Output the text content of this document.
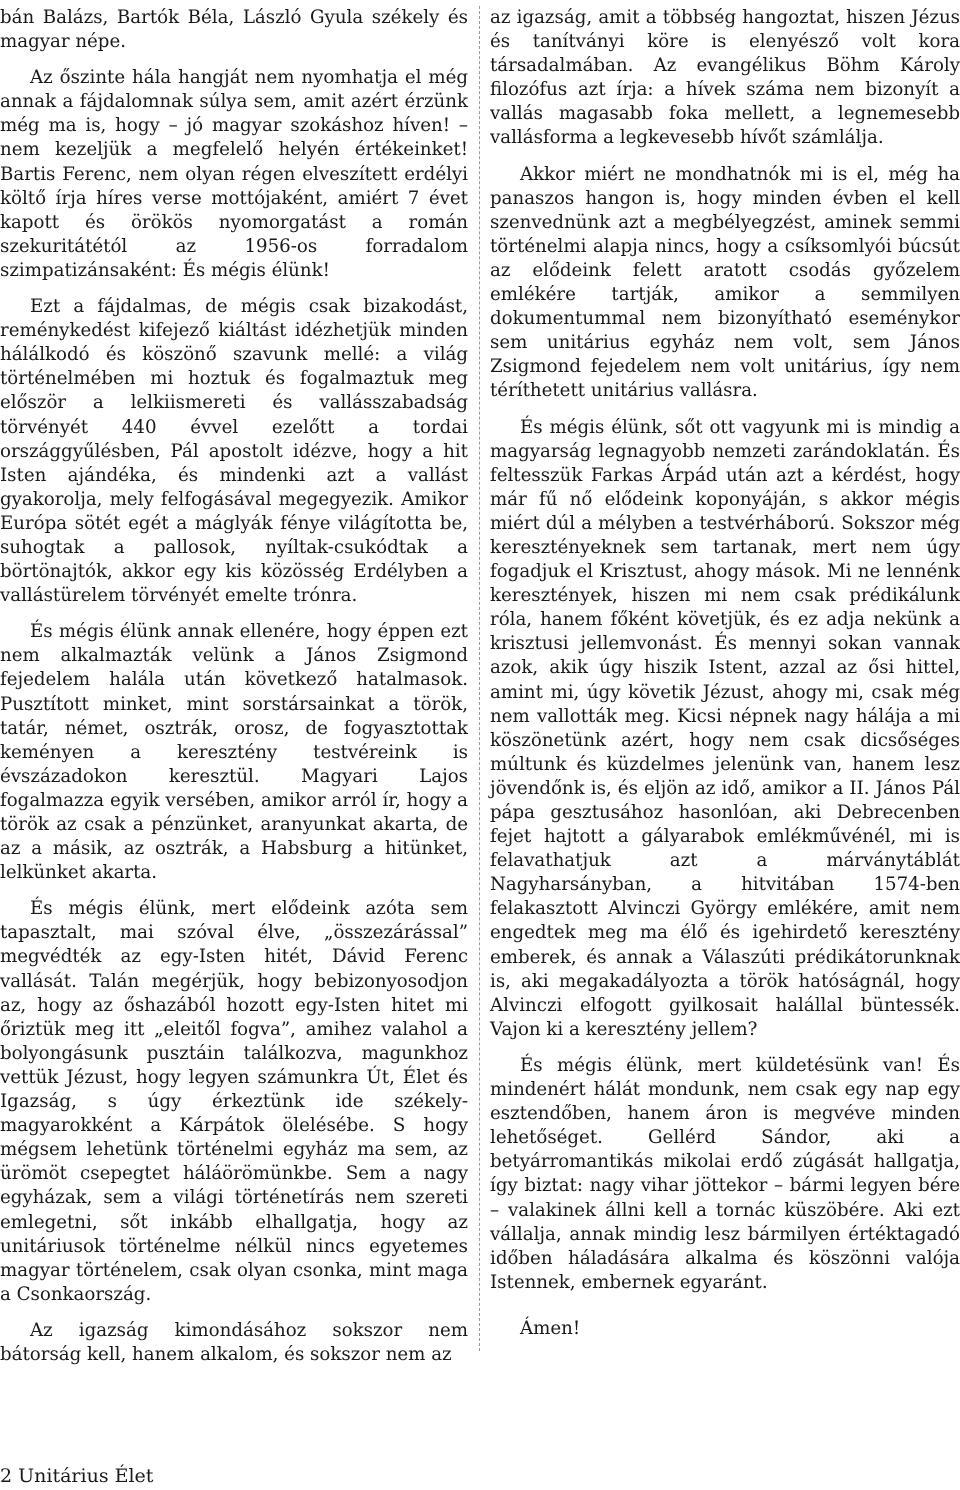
bán Balázs, Bartók Béla, László Gyula székely és magyar népe.

Az őszinte hála hangját nem nyomhatja el még annak a fájdalomnak súlya sem, amit azért érzünk még ma is, hogy – jó magyar szokáshoz híven! – nem kezeljük a megfelelő helyén értékeinket! Bartis Ferenc, nem olyan régen elveszített erdélyi költő írja híres verse mottójaként, amiért 7 évet kapott és örökös nyomorgatást a román szekuritátétól az 1956-os forradalom szimpatizánsaként: És mégis élünk!

Ezt a fájdalmas, de mégis csak bizakodást, reménykedést kifejező kiáltást idézhetjük minden hálálkodó és köszönő szavunk mellé: a világ történelmében mi hoztuk és fogalmaztuk meg először a lelkiismereti és vallásszabadság törvényét 440 évvel ezelőtt a tordai országgyűlésben, Pál apostolt idézve, hogy a hit Isten ajándéka, és mindenki azt a vallást gyakorolja, mely felfogásával megegyezik. Amikor Európa sötét egét a máglyák fénye világította be, suhogtak a pallosok, nyíltak-csukódtak a börtönajtók, akkor egy kis közösség Erdélyben a vallástürelem törvényét emelte trónra.

És mégis élünk annak ellenére, hogy éppen ezt nem alkalmazták velünk a János Zsigmond fejedelem halála után következő hatalmasok. Pusztított minket, mint sorstársainkat a török, tatár, német, osztrák, orosz, de fogyasztottak keményen a keresztény testvéreink is évszázadokon keresztül. Magyari Lajos fogalmazza egyik versében, amikor arról ír, hogy a török az csak a pénzünket, aranyunkat akarta, de az a másik, az osztrák, a Habsburg a hitünket, lelkünket akarta.

És mégis élünk, mert elődeink azóta sem tapasztalt, mai szóval élve, „összezárással” megvédték az egy-Isten hitét, Dávid Ferenc vallását. Talán megérjük, hogy bebizonyosodjon az, hogy az őshazából hozott egy-Isten hitet mi őriztük meg itt „eleitől fogva”, amihez valahol a bolyongásunk pusztáin találkozva, magunkhoz vettük Jézust, hogy legyen számunkra Út, Élet és Igazság, s úgy érkeztünk ide székely-magyarokként a Kárpátok ölelésébe. S hogy mégsem lehetünk történelmi egyház ma sem, az ürömöt csepegtet háláörömünkbe. Sem a nagy egyházak, sem a világi történetírás nem szereti emlegetni, sőt inkább elhallgatja, hogy az unitáriusok történelme nélkül nincs egyetemes magyar történelem, csak olyan csonka, mint maga a Csonkaország.

Az igazság kimondásához sokszor nem bátorság kell, hanem alkalom, és sokszor nem az

az igazság, amit a többség hangoztat, hiszen Jézus és tanítványi köre is elenyésző volt kora társadalmában. Az evangélikus Böhm Károly filozófus azt írja: a hívek száma nem bizonyít a vallás magasabb foka mellett, a legnemesebb vallásforma a legkevesebb hívőt számlálja.

Akkor miért ne mondhatnók mi is el, még ha panaszos hangon is, hogy minden évben el kell szenvednünk azt a megbélyegzést, aminek semmi történelmi alapja nincs, hogy a csíksomlyói búcsút az elődeink felett aratott csodás győzelem emlékére tartják, amikor a semmilyen dokumentummal nem bizonyítható eseménykor sem unitárius egyház nem volt, sem János Zsigmond fejedelem nem volt unitárius, így nem téríthetett unitárius vallásra.

És mégis élünk, sőt ott vagyunk mi is mindig a magyarság legnagyobb nemzeti zarándoklatán. És feltesszük Farkas Árpád után azt a kérdést, hogy már fű nő elődeink koponyáján, s akkor mégis miért dúl a mélyben a testvérháború. Sokszor még keresztényeknek sem tartanak, mert nem úgy fogadjuk el Krisztust, ahogy mások. Mi ne lennénk keresztények, hiszen mi nem csak prédikálunk róla, hanem főként követjük, és ez adja nekünk a krisztusi jellemvonást. És mennyi sokan vannak azok, akik úgy hiszik Istent, azzal az ősi hittel, amint mi, úgy követik Jézust, ahogy mi, csak még nem vallották meg. Kicsi népnek nagy hálája a mi köszönetünk azért, hogy nem csak dicsőséges múltunk és küzdelmes jelenünk van, hanem lesz jövendőnk is, és eljön az idő, amikor a II. János Pál pápa gesztusához hasonlóan, aki Debrecenben fejet hajtott a gályarabok emlékművénél, mi is felavathatjuk azt a márványtáblát Nagyharsányban, a hitvitában 1574-ben felakasztott Alvinczi György emlékére, amit nem engedtek meg ma élő és igehirdető keresztény emberek, és annak a Válaszúti prédikátorunknak is, aki megakadályozta a török hatóságnál, hogy Alvinczi elfogott gyilkosait halállal büntessék. Vajon ki a keresztény jellem?

És mégis élünk, mert küldetésünk van! És mindenért hálát mondunk, nem csak egy nap egy esztendőben, hanem áron is megvéve minden lehetőséget. Gellérd Sándor, aki a betyárromantikás mikolai erdő zúgását hallgatja, így biztat: nagy vihar jöttekor – bármi legyen bére – valakinek állni kell a tornác küszöbére. Aki ezt vállalja, annak mindig lesz bármilyen értéktagadó időben háladására alkalma és köszönni valója Istennek, embernek egyaránt.

Ámen!

2 Unitárius Élet
